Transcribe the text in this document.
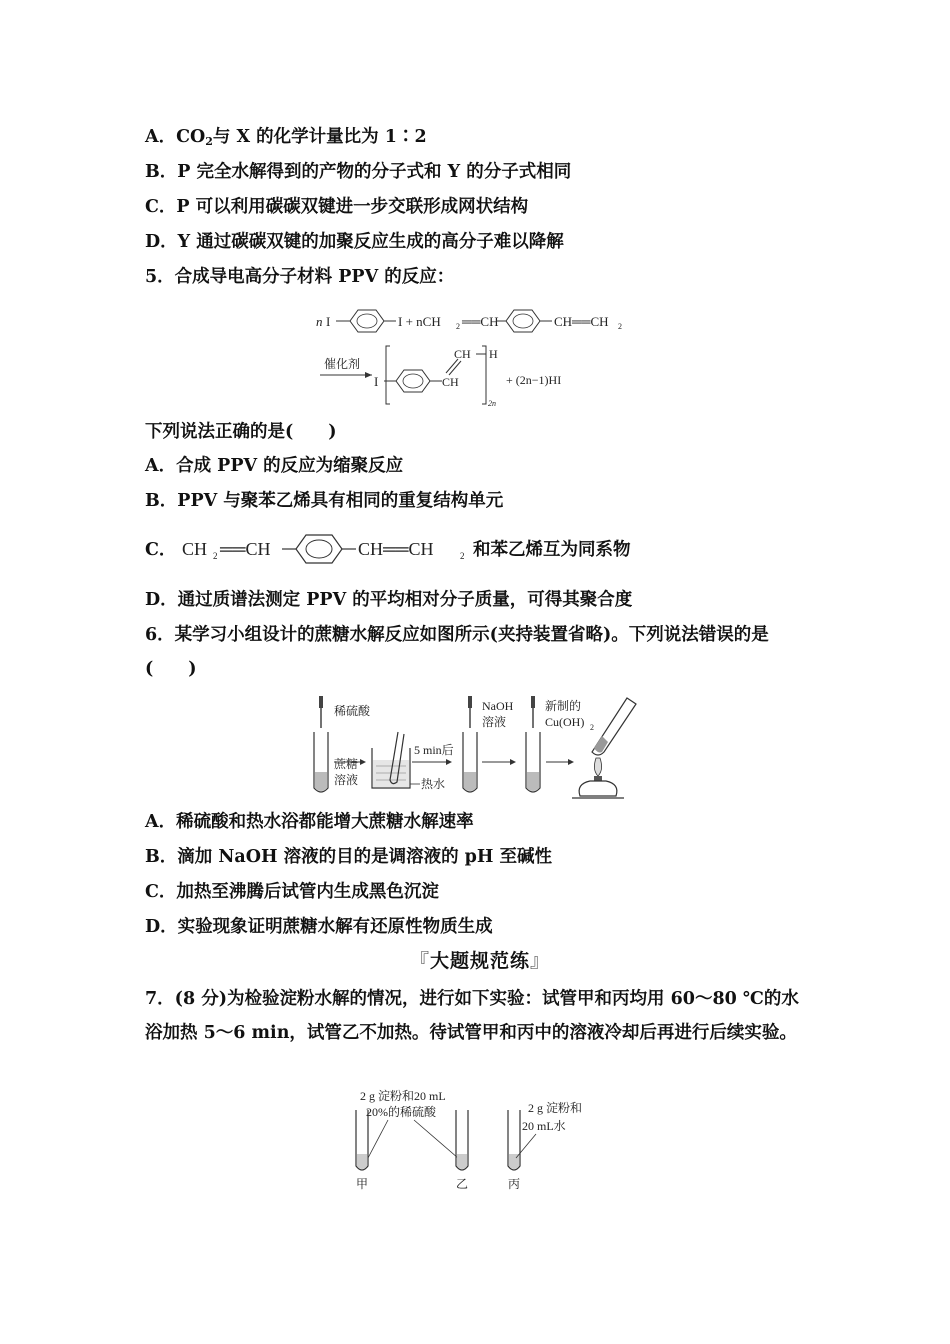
A．$CO_2$与 X 的化学计量比为 1∶2
B．P 完全水解得到的产物的分子式和 Y 的分子式相同
C．P 可以利用碳碳双键进一步交联形成网状结构
D．Y 通过碳碳双键的加聚反应生成的高分子难以降解
5．合成导电高分子材料 PPV 的反应：
n I	I + nCH 2 ══CH	CH══CH 2
催化剂
I	CH
CH H
2n
+ (2n−1)HI
下列说法正确的是(　　)
A．合成 PPV 的反应为缩聚反应
B．PPV 与聚苯乙烯具有相同的重复结构单元
C． CH 2 ══CH	CH══CH	2 和苯乙烯互为同系物
D．通过质谱法测定 PPV 的平均相对分子质量，可得其聚合度
6．某学习小组设计的蔗糖水解反应如图所示(夹持装置省略)。下列说法错误的是(　　)
稀硫酸
蔗糖
溶液
5 min后
热水
NaOH
溶液
新制的
Cu(OH) 2
A．稀硫酸和热水浴都能增大蔗糖水解速率
B．滴加 NaOH 溶液的目的是调溶液的 pH 至碱性
C．加热至沸腾后试管内生成黑色沉淀
D．实验现象证明蔗糖水解有还原性物质生成
『大题规范练』
7．(8 分)为检验淀粉水解的情况，进行如下实验：试管甲和丙均用 60～80 ℃的水浴加热 5～6 min，试管乙不加热。待试管甲和丙中的溶液冷却后再进行后续实验。
2 g 淀粉和20 mL
20%的稀硫酸
甲	乙	丙
2 g 淀粉和
20 mL水
